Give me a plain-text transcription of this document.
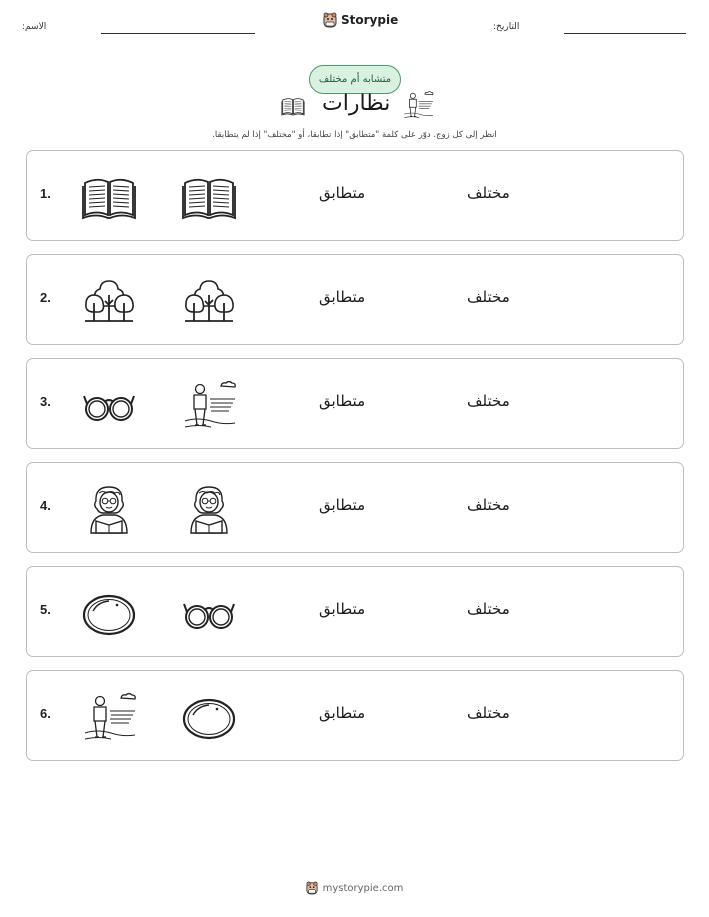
الاسم:	Storypie	التاريخ:
متشابه أم مختلف
نظارات
انظر إلى كل زوج. دوّر على كلمة "متطابق" إذا تطابقا، أو "مختلف" إذا لم يتطابقا.
1.	متطابق	مختلف
2.	متطابق	مختلف
3.	متطابق	مختلف
4.	متطابق	مختلف
5.	متطابق	مختلف
6.	متطابق	مختلف
mystorypie.com
